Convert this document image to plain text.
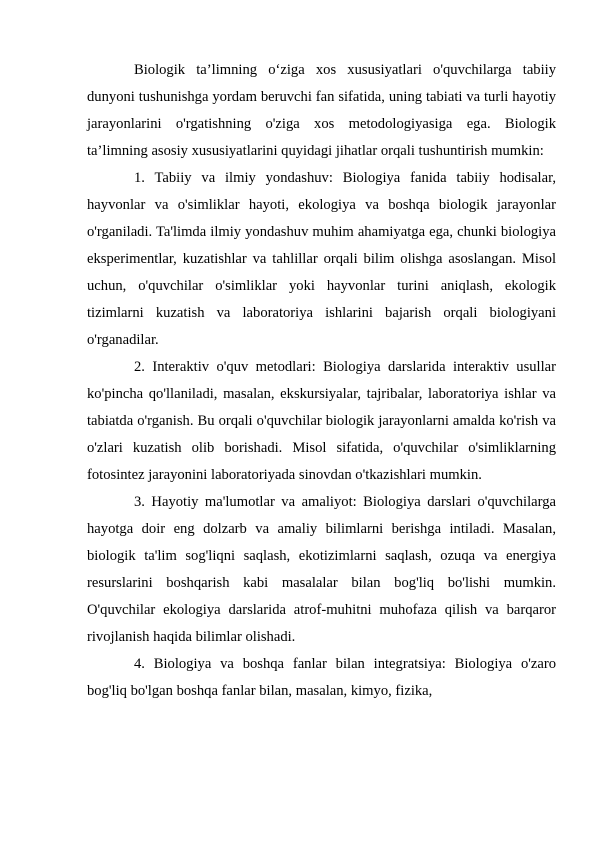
Biologik ta’limning o‘ziga xos xususiyatlari o'quvchilarga tabiiy dunyoni tushunishga yordam beruvchi fan sifatida, uning tabiati va turli hayotiy jarayonlarini o'rgatishning o'ziga xos metodologiyasiga ega. Biologik ta’limning asosiy xususiyatlarini quyidagi jihatlar orqali tushuntirish mumkin:

1. Tabiiy va ilmiy yondashuv: Biologiya fanida tabiiy hodisalar, hayvonlar va o'simliklar hayoti, ekologiya va boshqa biologik jarayonlar o'rganiladi. Ta'limda ilmiy yondashuv muhim ahamiyatga ega, chunki biologiya eksperimentlar, kuzatishlar va tahlillar orqali bilim olishga asoslangan. Misol uchun, o'quvchilar o'simliklar yoki hayvonlar turini aniqlash, ekologik tizimlarni kuzatish va laboratoriya ishlarini bajarish orqali biologiyani o'rganadilar.

2. Interaktiv o'quv metodlari: Biologiya darslarida interaktiv usullar ko'pincha qo'llaniladi, masalan, ekskursiyalar, tajribalar, laboratoriya ishlar va tabiatda o'rganish. Bu orqali o'quvchilar biologik jarayonlarni amalda ko'rish va o'zlari kuzatish olib borishadi. Misol sifatida, o'quvchilar o'simliklarning fotosintez jarayonini laboratoriyada sinovdan o'tkazishlari mumkin.

3. Hayotiy ma'lumotlar va amaliyot: Biologiya darslari o'quvchilarga hayotga doir eng dolzarb va amaliy bilimlarni berishga intiladi. Masalan, biologik ta'lim sog'liqni saqlash, ekotizimlarni saqlash, ozuqa va energiya resurslarini boshqarish kabi masalalar bilan bog'liq bo'lishi mumkin. O'quvchilar ekologiya darslarida atrof-muhitni muhofaza qilish va barqaror rivojlanish haqida bilimlar olishadi.

4. Biologiya va boshqa fanlar bilan integratsiya: Biologiya o'zaro bog'liq bo'lgan boshqa fanlar bilan, masalan, kimyo, fizika,
